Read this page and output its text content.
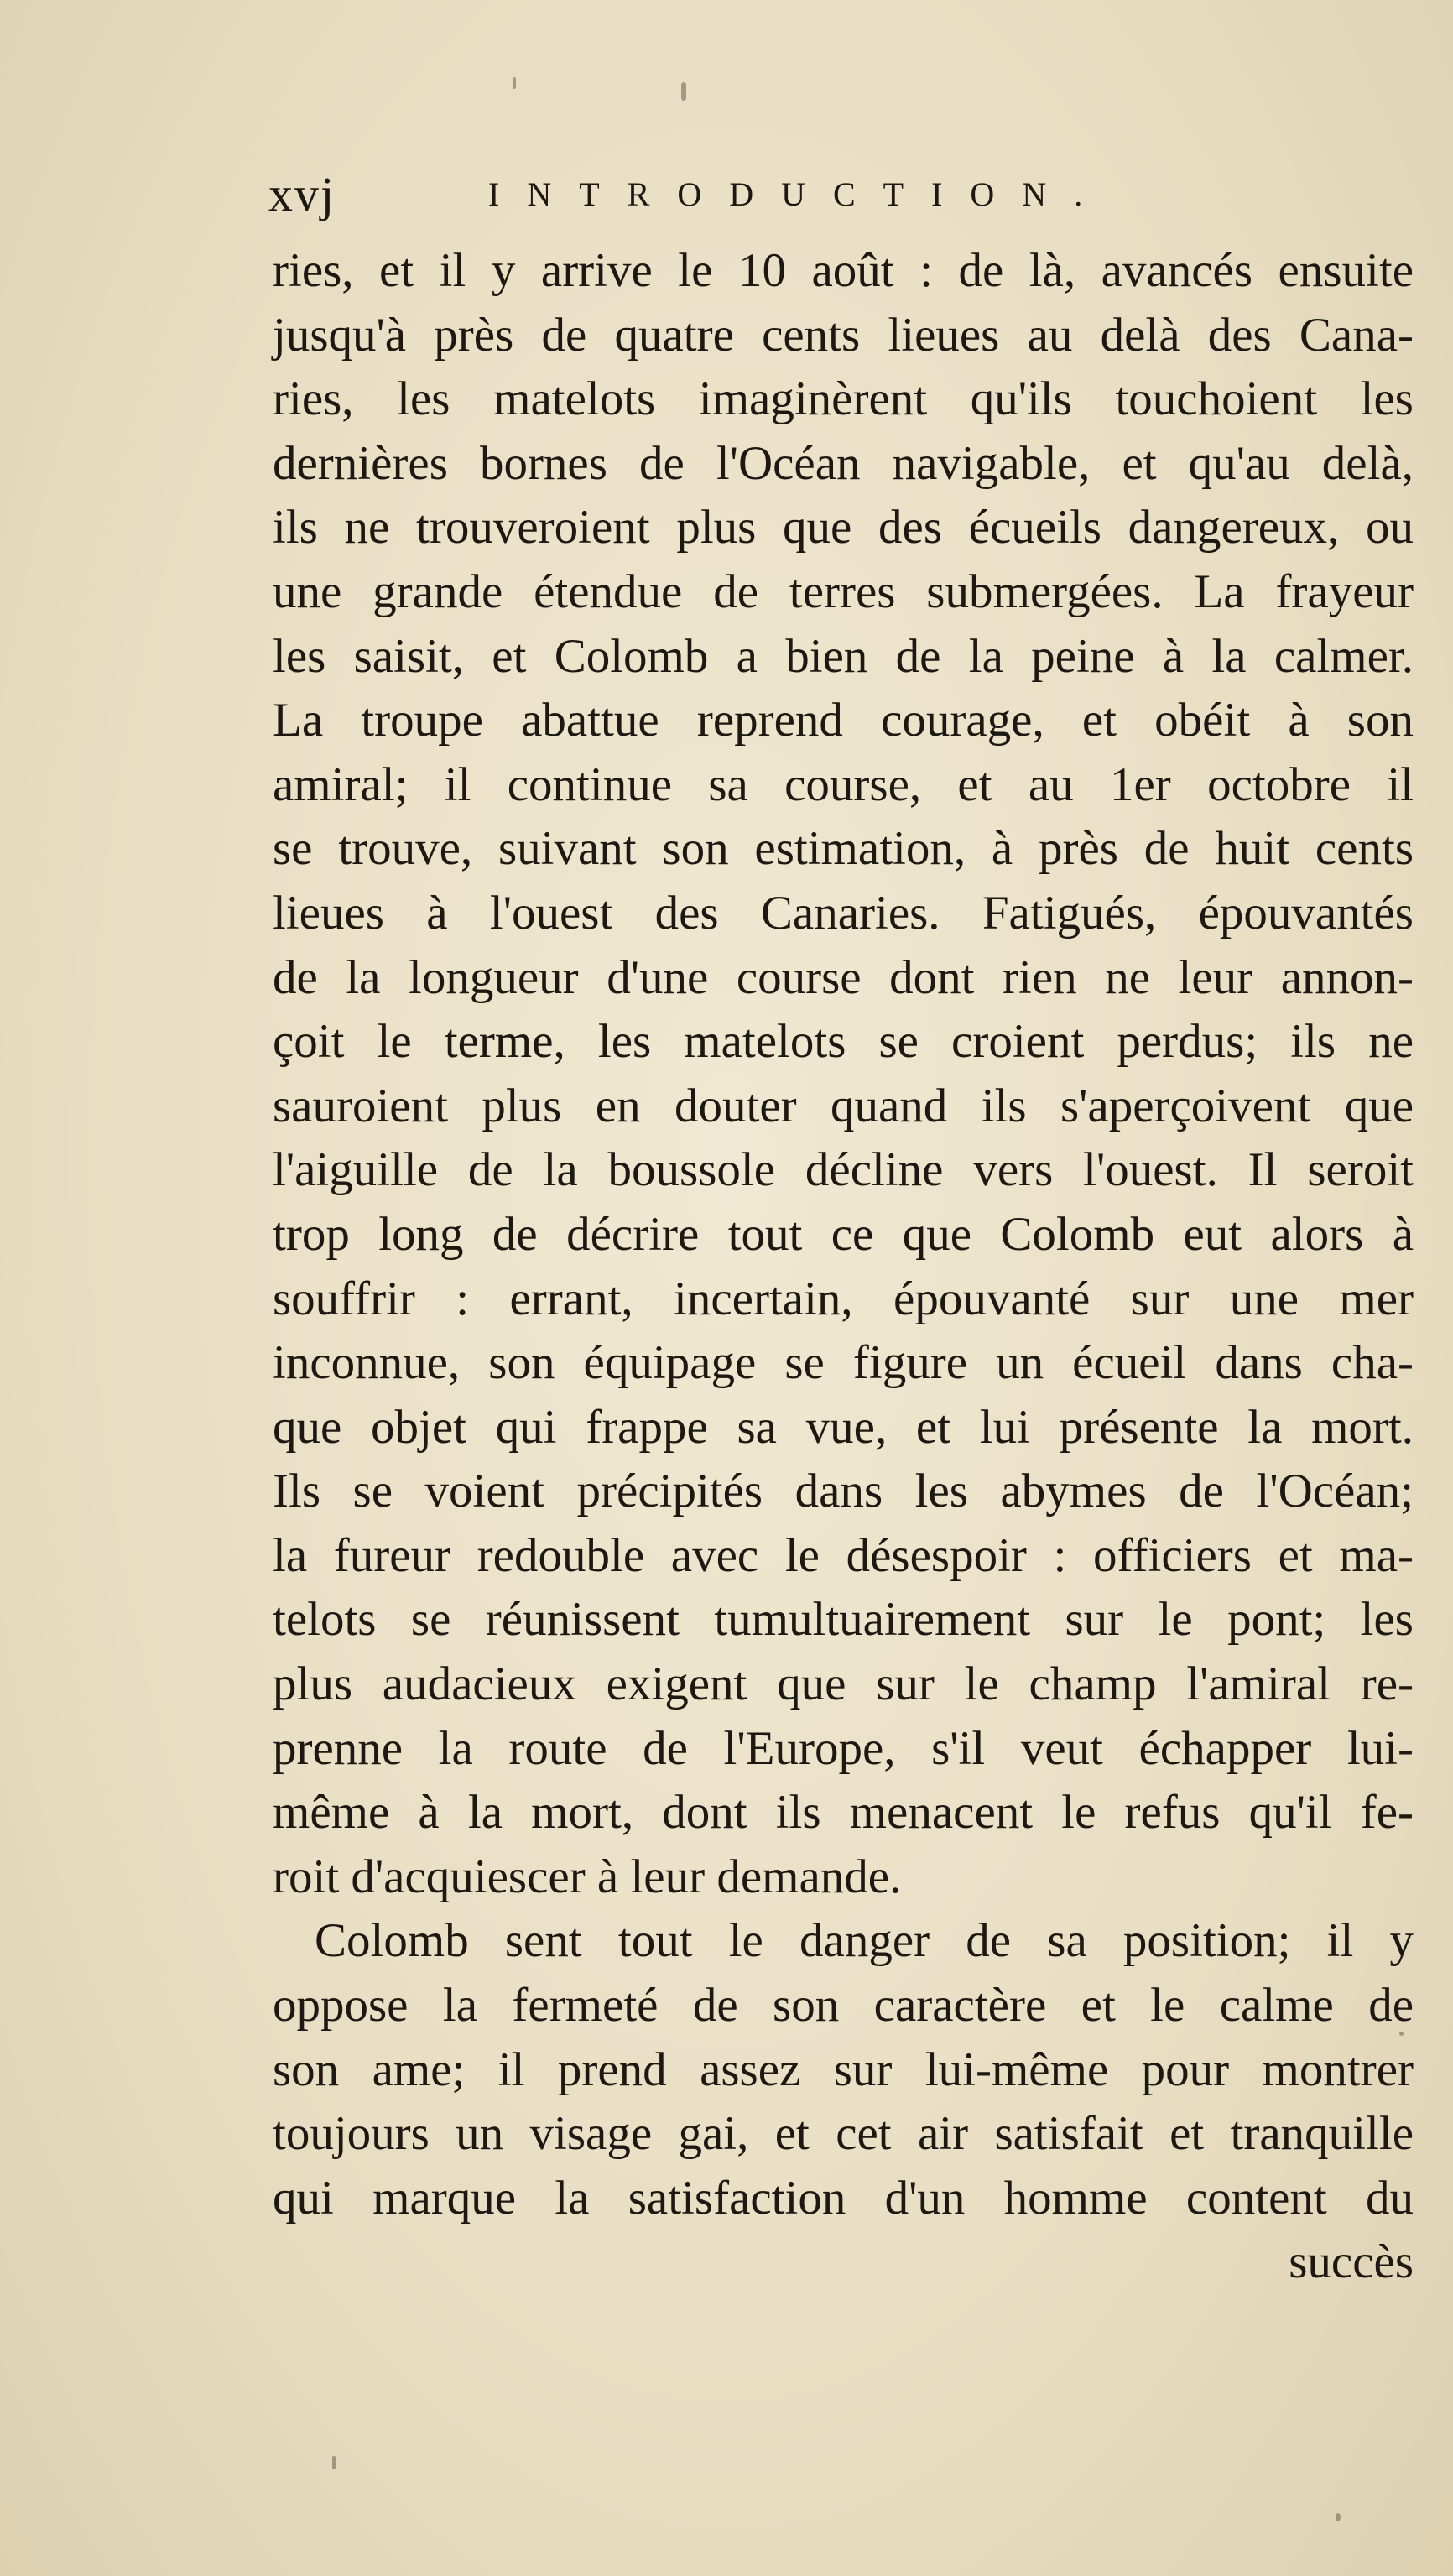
xvj	INTRODUCTION.
ries, et il y arrive le 10 août : de là, avancés ensuite
jusqu'à près de quatre cents lieues au delà des Cana-
ries, les matelots imaginèrent qu'ils touchoient les
dernières bornes de l'Océan navigable, et qu'au delà,
ils ne trouveroient plus que des écueils dangereux, ou
une grande étendue de terres submergées. La frayeur
les saisit, et Colomb a bien de la peine à la calmer.
La troupe abattue reprend courage, et obéit à son
amiral; il continue sa course, et au 1er octobre il
se trouve, suivant son estimation, à près de huit cents
lieues à l'ouest des Canaries. Fatigués, épouvantés
de la longueur d'une course dont rien ne leur annon-
çoit le terme, les matelots se croient perdus; ils ne
sauroient plus en douter quand ils s'aperçoivent que
l'aiguille de la boussole décline vers l'ouest. Il seroit
trop long de décrire tout ce que Colomb eut alors à
souffrir : errant, incertain, épouvanté sur une mer
inconnue, son équipage se figure un écueil dans cha-
que objet qui frappe sa vue, et lui présente la mort.
Ils se voient précipités dans les abymes de l'Océan;
la fureur redouble avec le désespoir : officiers et ma-
telots se réunissent tumultuairement sur le pont; les
plus audacieux exigent que sur le champ l'amiral re-
prenne la route de l'Europe, s'il veut échapper lui-
même à la mort, dont ils menacent le refus qu'il fe-
roit d'acquiescer à leur demande.
Colomb sent tout le danger de sa position; il y
oppose la fermeté de son caractère et le calme de
son ame; il prend assez sur lui-même pour montrer
toujours un visage gai, et cet air satisfait et tranquille
qui marque la satisfaction d'un homme content du
succès
